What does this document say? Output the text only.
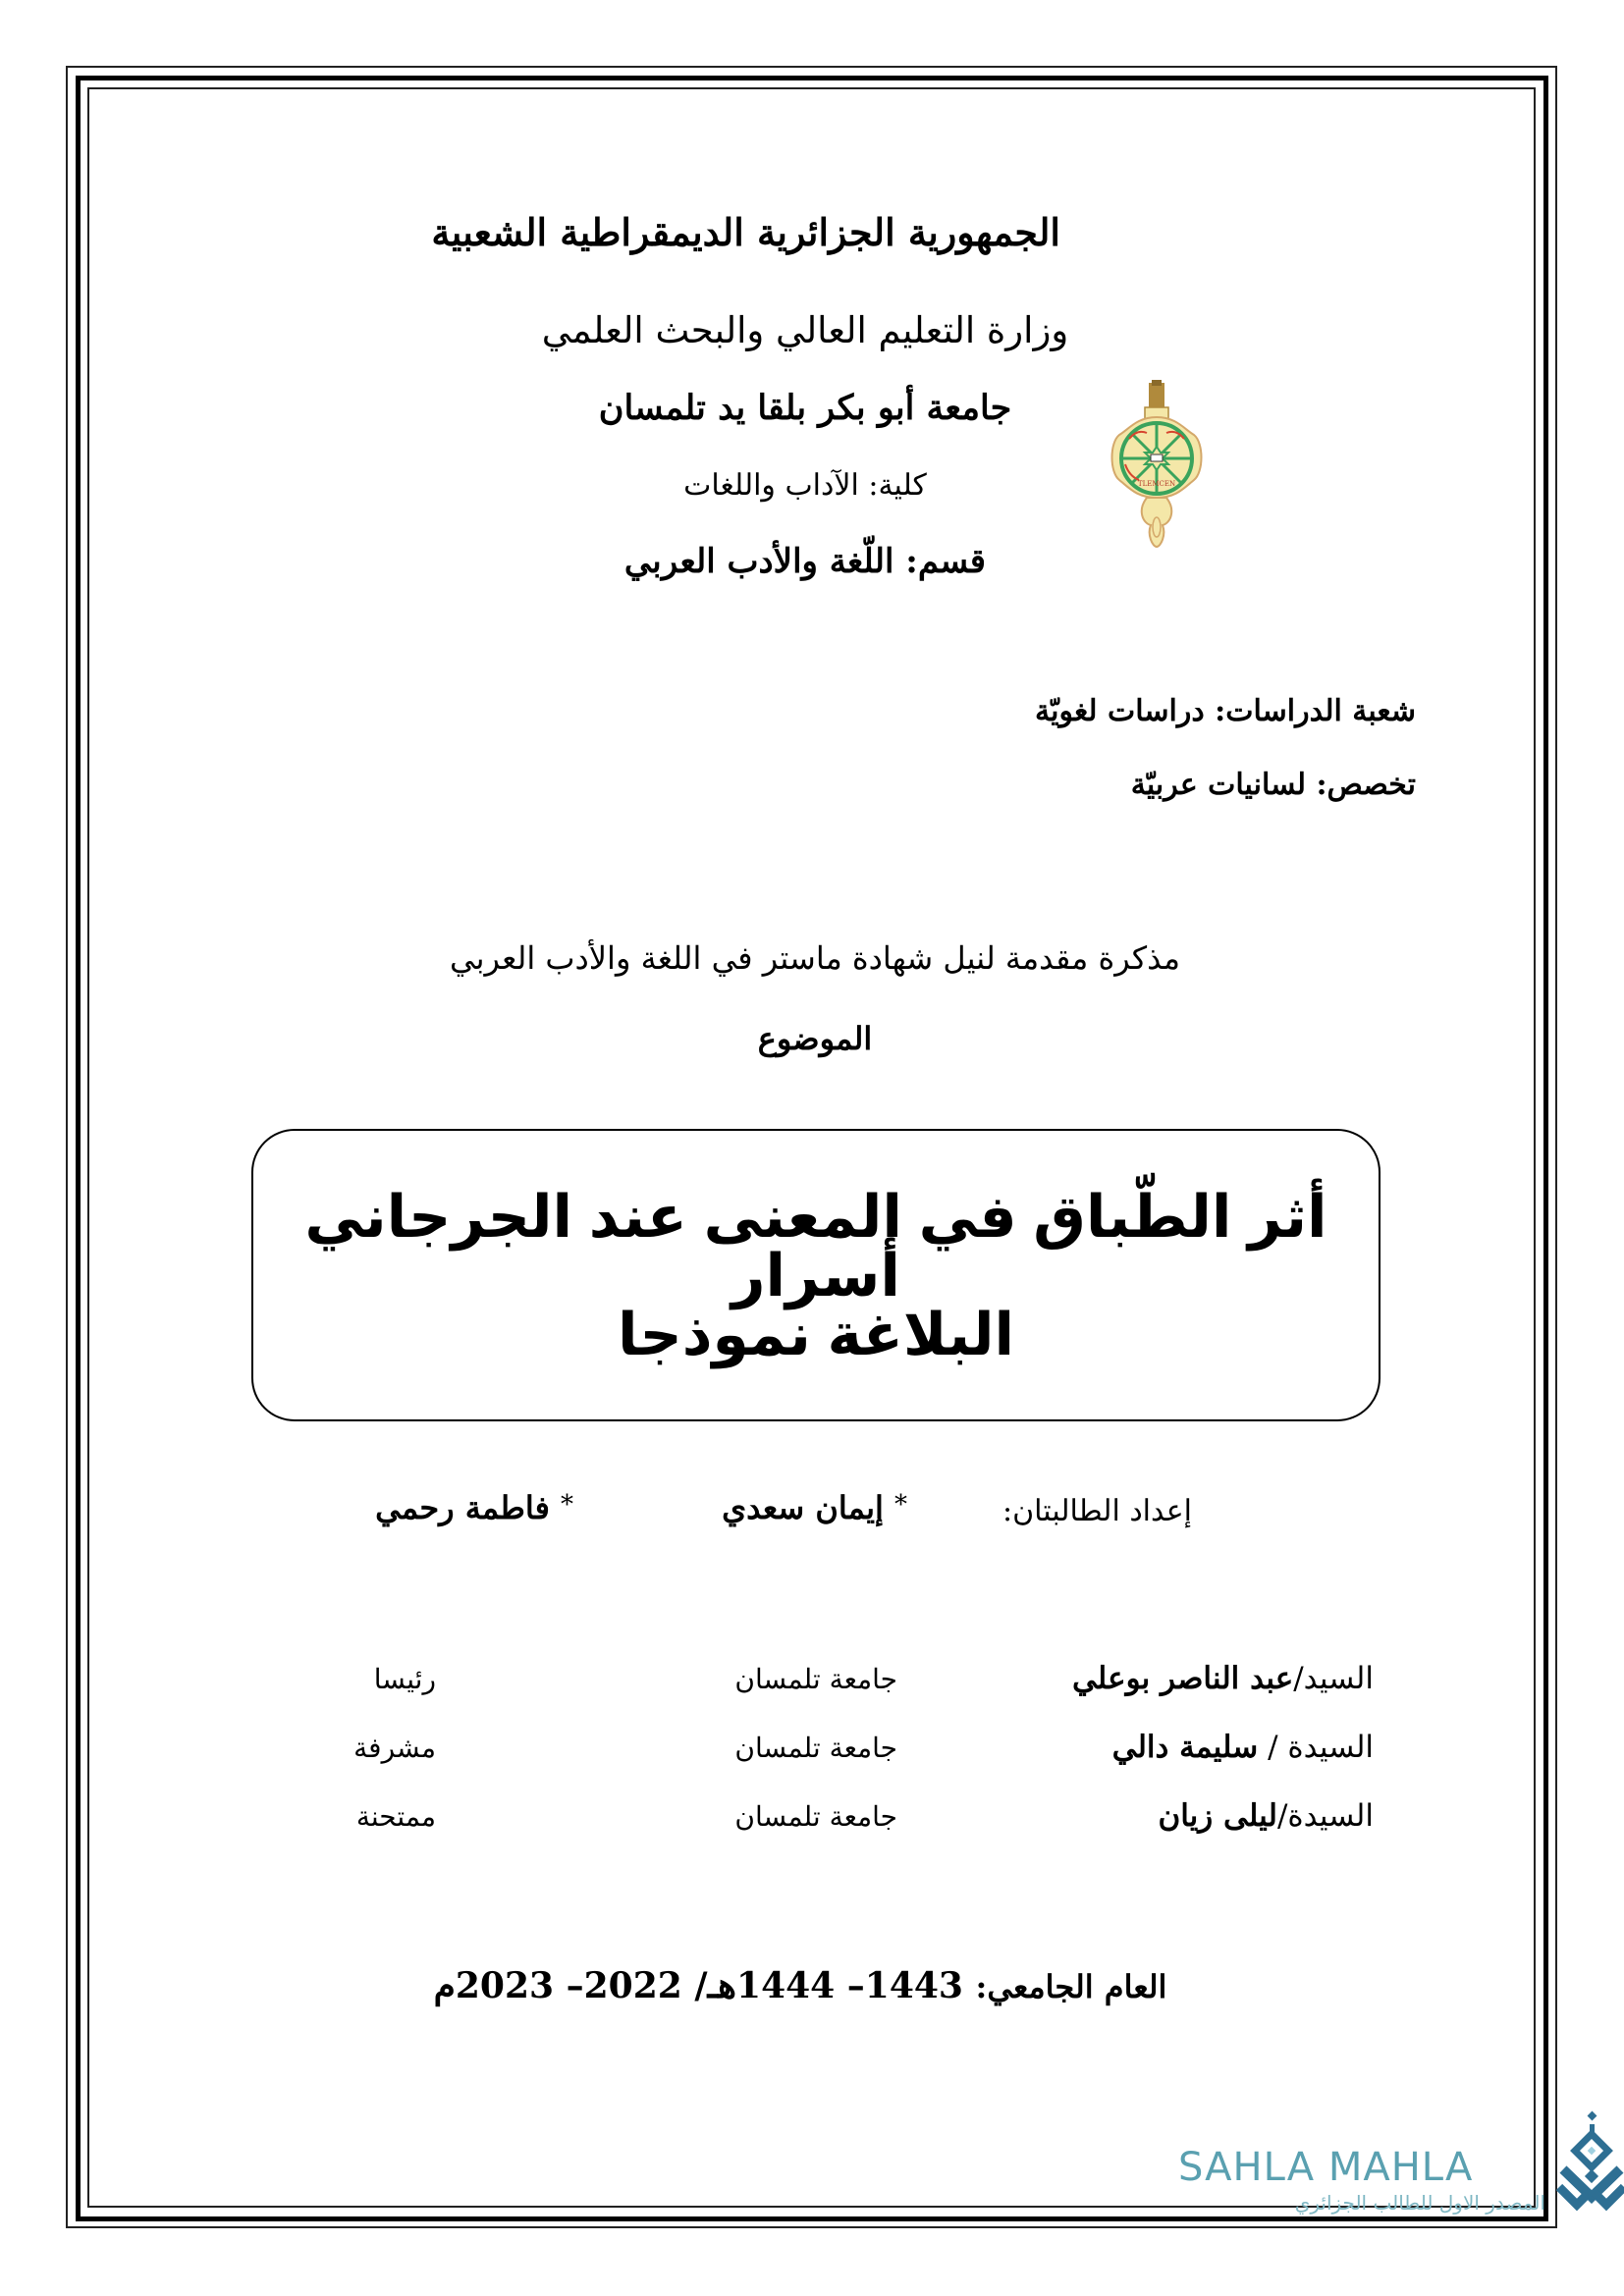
الجمهورية الجزائرية الديمقراطية الشعبية
وزارة التعليم العالي والبحث العلمي
جامعة أبو بكر بلقا يد تلمسان
كلية: الآداب واللغات
قسم: اللّغة والأدب العربي
TLEMCEN
شعبة الدراسات: دراسات لغويّة
تخصص: لسانيات عربيّة
مذكرة مقدمة لنيل شهادة ماستر في اللغة والأدب العربي
الموضوع
أثر الطّباق في المعنى عند الجرجاني أسرار
البلاغة نموذجا
إعداد الطالبتان:
* إيمان سعدي
* فاطمة رحمي
السيد/عبد الناصر بوعلي
جامعة تلمسان
رئيسا
السيدة / سليمة دالي
جامعة تلمسان
مشرفة
السيدة/ليلى زيان
جامعة تلمسان
ممتحنة
العام الجامعي: 1443– 1444هـ/ 2022– 2023م
SAHLA MAHLA
المصدر الاول للطالب الجزائري
